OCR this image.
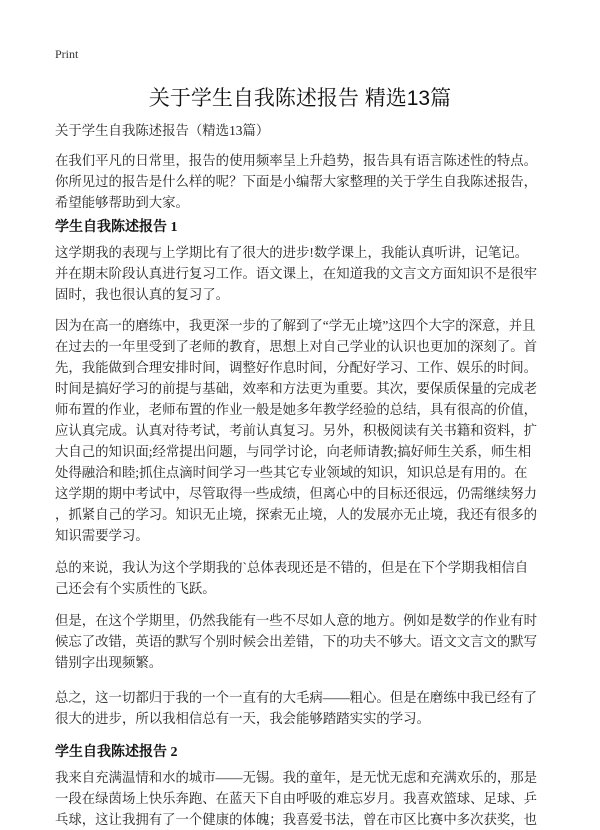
Print
关于学生自我陈述报告 精选13篇
关于学生自我陈述报告（精选13篇）
在我们平凡的日常里，报告的使用频率呈上升趋势，报告具有语言陈述性的特点。
你所见过的报告是什么样的呢？下面是小编帮大家整理的关于学生自我陈述报告，
希望能够帮助到大家。
学生自我陈述报告 1
这学期我的表现与上学期比有了很大的进步!数学课上，我能认真听讲，记笔记。
并在期末阶段认真进行复习工作。语文课上，在知道我的文言文方面知识不是很牢
固时，我也很认真的复习了。
因为在高一的磨练中，我更深一步的了解到了“学无止境”这四个大字的深意，并且
在过去的一年里受到了老师的教育，思想上对自己学业的认识也更加的深刻了。首
先，我能做到合理安排时间，调整好作息时间，分配好学习、工作、娱乐的时间。
时间是搞好学习的前提与基础，效率和方法更为重要。其次，要保质保量的完成老
师布置的作业，老师布置的作业一般是她多年教学经验的总结，具有很高的价值，
应认真完成。认真对待考试，考前认真复习。另外，积极阅读有关书籍和资料，扩
大自己的知识面;经常提出问题，与同学讨论，向老师请教;搞好师生关系，师生相
处得融洽和睦;抓住点滴时间学习一些其它专业领域的知识，知识总是有用的。在
这学期的期中考试中，尽管取得一些成绩，但离心中的目标还很远，仍需继续努力
，抓紧自己的学习。知识无止境，探索无止境，人的发展亦无止境，我还有很多的
知识需要学习。
总的来说，我认为这个学期我的`总体表现还是不错的，但是在下个学期我相信自
己还会有个实质性的飞跃。
但是，在这个学期里，仍然我能有一些不尽如人意的地方。例如是数学的作业有时
候忘了改错，英语的默写个别时候会出差错，下的功夫不够大。语文文言文的默写
错别字出现频繁。
总之，这一切都归于我的一个一直有的大毛病——粗心。但是在磨练中我已经有了
很大的进步，所以我相信总有一天，我会能够踏踏实实的学习。
学生自我陈述报告 2
我来自充满温情和水的城市——无锡。我的童年，是无忧无虑和充满欢乐的，那是
一段在绿茵场上快乐奔跑、在蓝天下自由呼吸的难忘岁月。我喜欢篮球、足球、乒
乓球，这让我拥有了一个健康的体魄；我喜爱书法，曾在市区比赛中多次获奖，也
